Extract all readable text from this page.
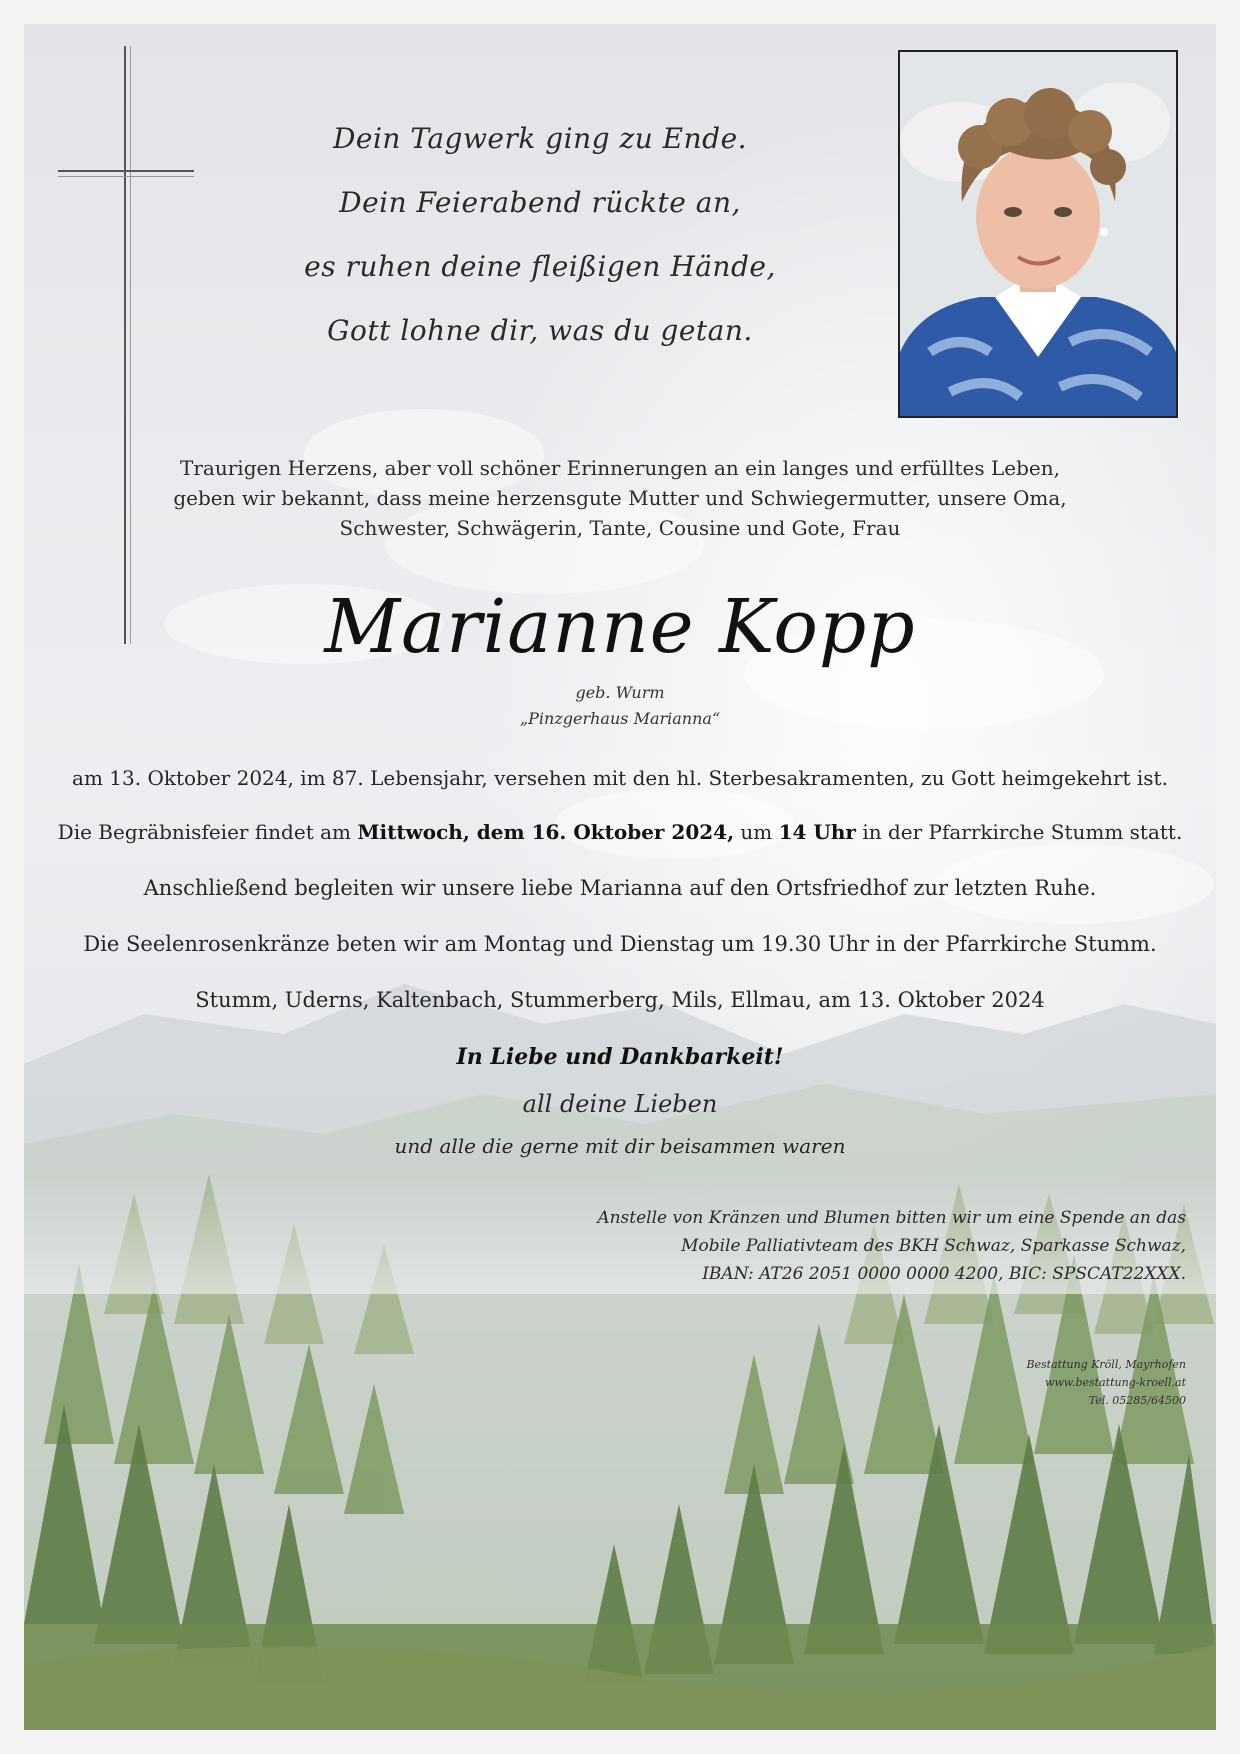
Dein Tagwerk ging zu Ende.
Dein Feierabend rückte an,
es ruhen deine fleißigen Hände,
Gott lohne dir, was du getan.
Traurigen Herzens, aber voll schöner Erinnerungen an ein langes und erfülltes Leben,
geben wir bekannt, dass meine herzensgute Mutter und Schwiegermutter, unsere Oma,
Schwester, Schwägerin, Tante, Cousine und Gote, Frau
Marianne Kopp
geb. Wurm
„Pinzgerhaus Marianna“
am 13. Oktober 2024, im 87. Lebensjahr, versehen mit den hl. Sterbesakramenten, zu Gott heimgekehrt ist.
Die Begräbnisfeier findet am Mittwoch, dem 16. Oktober 2024, um 14 Uhr in der Pfarrkirche Stumm statt.
Anschließend begleiten wir unsere liebe Marianna auf den Ortsfriedhof zur letzten Ruhe.
Die Seelenrosenkränze beten wir am Montag und Dienstag um 19.30 Uhr in der Pfarrkirche Stumm.
Stumm, Uderns, Kaltenbach, Stummerberg, Mils, Ellmau, am 13. Oktober 2024
In Liebe und Dankbarkeit!
all deine Lieben
und alle die gerne mit dir beisammen waren
Anstelle von Kränzen und Blumen bitten wir um eine Spende an das
Mobile Palliativteam des BKH Schwaz, Sparkasse Schwaz,
IBAN: AT26 2051 0000 0000 4200, BIC: SPSCAT22XXX.
Bestattung Kröll, Mayrhofen
www.bestattung-kroell.at
Tel. 05285/64500
